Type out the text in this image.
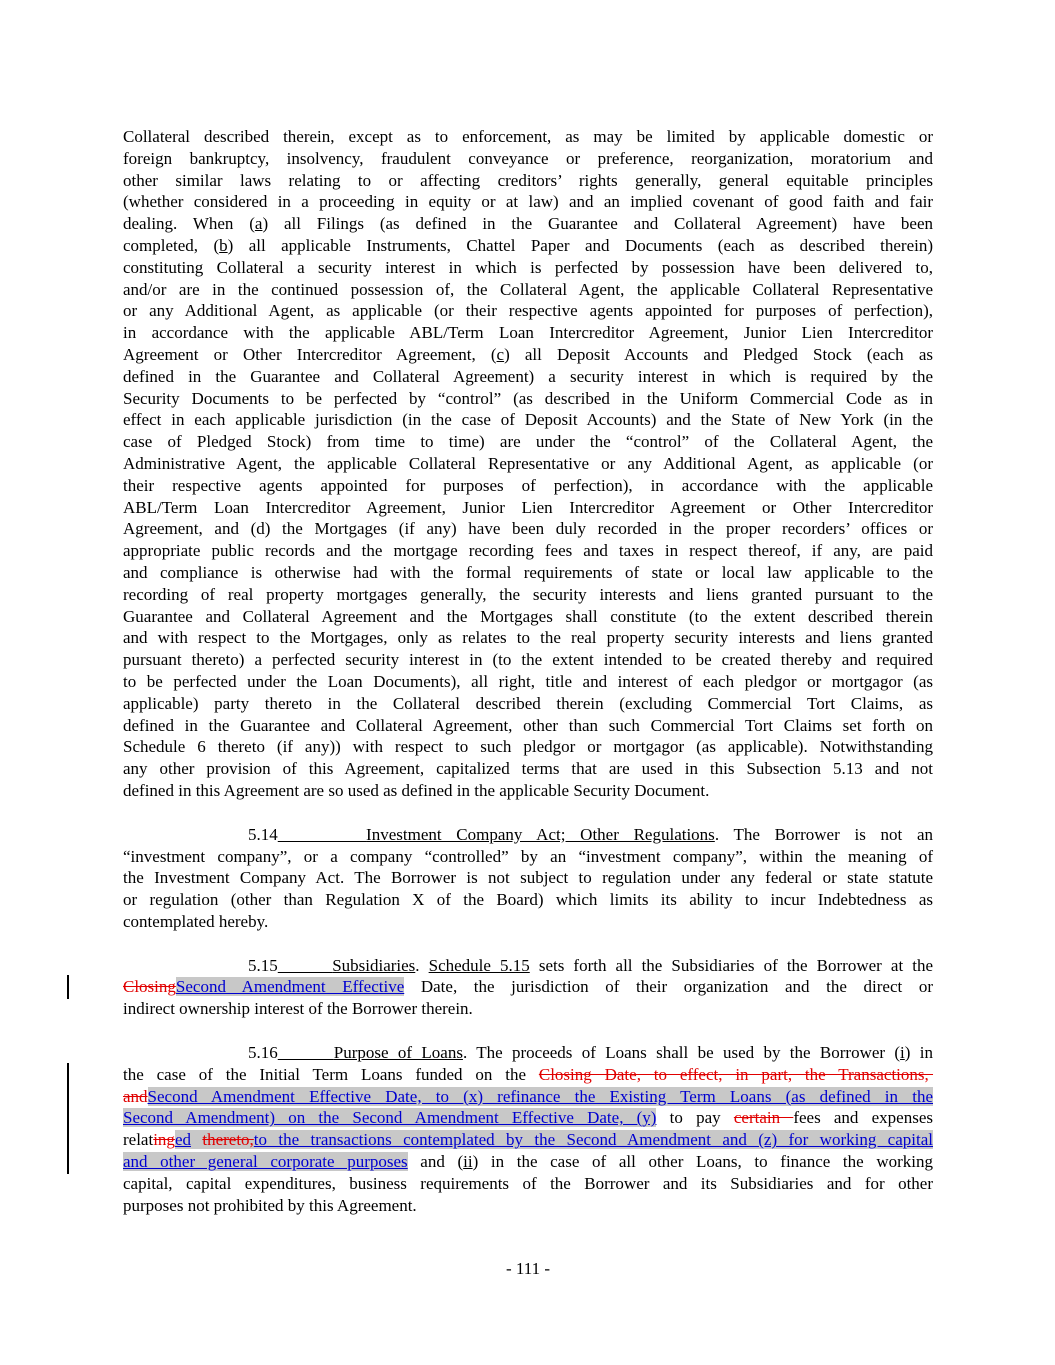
Collateral described therein, except as to enforcement, as may be limited by applicable domestic or
foreign bankruptcy, insolvency, fraudulent conveyance or preference, reorganization, moratorium and
other similar laws relating to or affecting creditors’ rights generally, general equitable principles
(whether considered in a proceeding in equity or at law) and an implied covenant of good faith and fair
dealing. When (a) all Filings (as defined in the Guarantee and Collateral Agreement) have been
completed, (b) all applicable Instruments, Chattel Paper and Documents (each as described therein)
constituting Collateral a security interest in which is perfected by possession have been delivered to,
and/or are in the continued possession of, the Collateral Agent, the applicable Collateral Representative
or any Additional Agent, as applicable (or their respective agents appointed for purposes of perfection),
in accordance with the applicable ABL/Term Loan Intercreditor Agreement, Junior Lien Intercreditor
Agreement or Other Intercreditor Agreement, (c) all Deposit Accounts and Pledged Stock (each as
defined in the Guarantee and Collateral Agreement) a security interest in which is required by the
Security Documents to be perfected by “control” (as described in the Uniform Commercial Code as in
effect in each applicable jurisdiction (in the case of Deposit Accounts) and the State of New York (in the
case of Pledged Stock) from time to time) are under the “control” of the Collateral Agent, the
Administrative Agent, the applicable Collateral Representative or any Additional Agent, as applicable (or
their respective agents appointed for purposes of perfection), in accordance with the applicable
ABL/Term Loan Intercreditor Agreement, Junior Lien Intercreditor Agreement or Other Intercreditor
Agreement, and (d) the Mortgages (if any) have been duly recorded in the proper recorders’ offices or
appropriate public records and the mortgage recording fees and taxes in respect thereof, if any, are paid
and compliance is otherwise had with the formal requirements of state or local law applicable to the
recording of real property mortgages generally, the security interests and liens granted pursuant to the
Guarantee and Collateral Agreement and the Mortgages shall constitute (to the extent described therein
and with respect to the Mortgages, only as relates to the real property security interests and liens granted
pursuant thereto) a perfected security interest in (to the extent intended to be created thereby and required
to be perfected under the Loan Documents), all right, title and interest of each pledgor or mortgagor (as
applicable) party thereto in the Collateral described therein (excluding Commercial Tort Claims, as
defined in the Guarantee and Collateral Agreement, other than such Commercial Tort Claims set forth on
Schedule 6 thereto (if any)) with respect to such pledgor or mortgagor (as applicable). Notwithstanding
any other provision of this Agreement, capitalized terms that are used in this Subsection 5.13 and not
defined in this Agreement are so used as defined in the applicable Security Document.
5.14	Investment Company Act; Other Regulations. The Borrower is not an
“investment company”, or a company “controlled” by an “investment company”, within the meaning of
the Investment Company Act. The Borrower is not subject to regulation under any federal or state statute
or regulation (other than Regulation X of the Board) which limits its ability to incur Indebtedness as
contemplated hereby.
5.15	Subsidiaries. Schedule 5.15 sets forth all the Subsidiaries of the Borrower at the
ClosingSecond Amendment Effective Date, the jurisdiction of their organization and the direct or
indirect ownership interest of the Borrower therein.
5.16	Purpose of Loans. The proceeds of Loans shall be used by the Borrower (i) in
the case of the Initial Term Loans funded on the Closing Date, to effect, in part, the Transactions,
andSecond Amendment Effective Date, to (x) refinance the Existing Term Loans (as defined in the
Second Amendment) on the Second Amendment Effective Date, (y) to pay certain fees and expenses
relatinged thereto,to the transactions contemplated by the Second Amendment and (z) for working capital
and other general corporate purposes and (ii) in the case of all other Loans, to finance the working
capital, capital expenditures, business requirements of the Borrower and its Subsidiaries and for other
purposes not prohibited by this Agreement.
- 111 -
